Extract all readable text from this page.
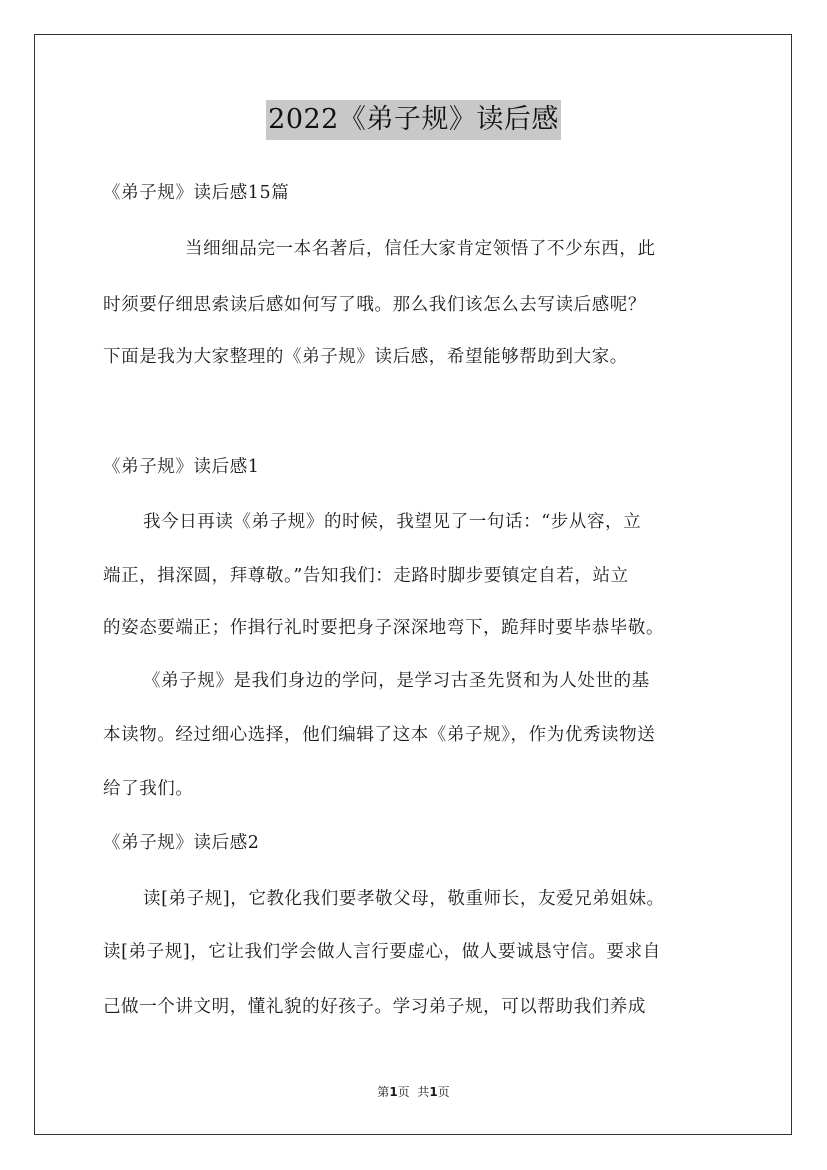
2022《弟子规》读后感
《弟子规》读后感15篇
当细细品完一本名著后，信任大家肯定领悟了不少东西，此
时须要仔细思索读后感如何写了哦。那么我们该怎么去写读后感呢？
下面是我为大家整理的《弟子规》读后感，希望能够帮助到大家。
《弟子规》读后感1
我今日再读《弟子规》的时候，我望见了一句话：“步从容，立
端正，揖深圆，拜尊敬。”告知我们：走路时脚步要镇定自若，站立
的姿态要端正；作揖行礼时要把身子深深地弯下，跪拜时要毕恭毕敬。
《弟子规》是我们身边的学问，是学习古圣先贤和为人处世的基
本读物。经过细心选择，他们编辑了这本《弟子规》，作为优秀读物送
给了我们。
《弟子规》读后感2
读[弟子规]，它教化我们要孝敬父母，敬重师长，友爱兄弟姐妹。
读[弟子规]，它让我们学会做人言行要虚心，做人要诚恳守信。要求自
己做一个讲文明，懂礼貌的好孩子。学习弟子规，可以帮助我们养成
第1页  共1页
